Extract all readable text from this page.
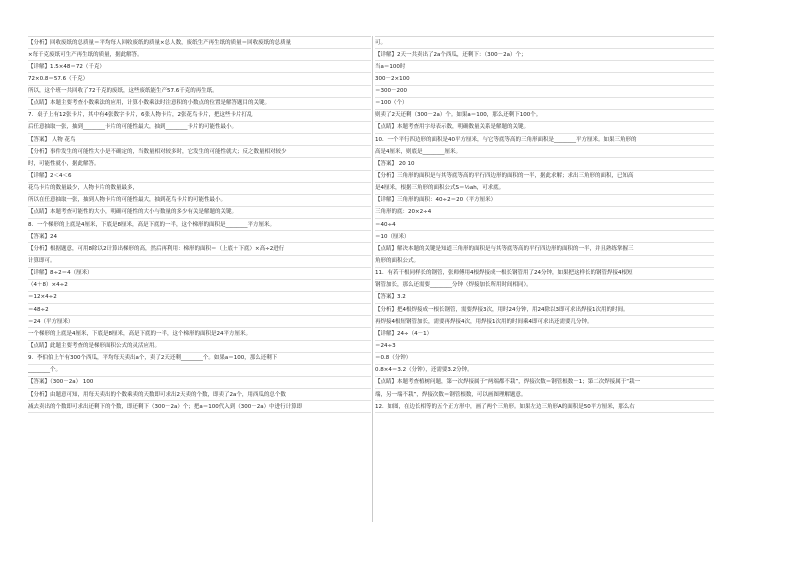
【分析】回收废纸的总质量＝平均每人回收废纸的质量×总人数，废纸生产再生纸的质量＝回收废纸的总质量
×每千克废纸可生产再生纸的质量，据此解答。
【详解】1.5×48＝72（千克）
72×0.8＝57.6（千克）
所以，这个班一共回收了72千克的废纸，这些废纸能生产57.6千克的再生纸。
【点睛】本题主要考查小数乘法的应用，计算小数乘法时注意积的小数点的位置是解答题目的关键。
7．桌子上有12张卡片，其中有4张数字卡片，6张人物卡片，2张花鸟卡片，把这些卡片打乱
后任意抽取一张，抽到________卡片的可能性最大，抽到________卡片的可能性最小。
【答案】 人物 花鸟
【分析】事件发生的可能性大小是不确定的，当数量相对较多时，它发生的可能性就大；反之数量相对较少
时，可能性就小，据此解答。
【详解】2＜4＜6
花鸟卡片的数量最少，人物卡片的数量最多，
所以在任意抽取一张，抽到人物卡片的可能性最大，抽到花鸟卡片的可能性最小。
【点睛】本题考查可能性的大小，明确可能性的大小与数量的多少有关是解题的关键。
8．一个梯形的上底是4厘米，下底是8厘米，高是下底的一半，这个梯形的面积是________平方厘米。
【答案】24
【分析】根据题意，可用8除以2计算出梯形的高，然后再利用：梯形的面积＝（上底＋下底）×高÷2进行
计算即可。
【详解】8÷2＝4（厘米）
（4＋8）×4÷2
＝12×4÷2
＝48÷2
＝24（平方厘米）
一个梯形的上底是4厘米，下底是8厘米，高是下底的一半，这个梯形的面积是24平方厘米。
【点睛】此题主要考查的是梯形面积公式的灵活应用。
9．李伯伯上午有300个西瓜，平均每天卖出a个，卖了2天还剩________个。如果a＝100，那么还剩下
________个。
【答案】（300－2a） 100
【分析】由题意可知，用每天卖出的个数乘卖的天数即可求出2天卖的个数，即卖了2a个，用西瓜的总个数
减去卖出的个数即可求出还剩下的个数，即还剩下（300－2a）个；把a＝100代入到（300－2a）中进行计算即
可。
【详解】2天一共卖出了2a个西瓜，还剩下：（300－2a）个；
当a＝100时
300－2×100
＝300－200
＝100（个）
则卖了2天还剩（300－2a）个。如果a＝100，那么还剩下100个。
【点睛】本题考查用字母表示数，明确数量关系是解题的关键。
10．一个平行四边形的面积是40平方厘米，与它等底等高的三角形面积是________平方厘米。如果三角形的
高是4厘米，则底是________厘米。
【答案】 20 10
【分析】三角形的面积是与其等底等高的平行四边形的面积的一半，据此求解；求出三角形的面积，已知高
是4厘米，根据三角形的面积公式S＝½ah，可求底。
【详解】三角形的面积：40÷2＝20（平方厘米）
三角形的底：20×2÷4
＝40÷4
＝10（厘米）
【点睛】解决本题的关键是知道三角形的面积是与其等底等高的平行四边形的面积的一半，并且熟练掌握三
角形的面积公式。
11．有若干根同样长的钢管，张师傅用4根焊接成一根长钢管用了24分钟，如果把这样长的钢管焊接4根短
钢管加长，那么还需要________分钟（焊接加长所用时间相同）。
【答案】3.2
【分析】把4根焊接成一根长钢管，需要焊接3次，用时24分钟，用24除以3即可求出焊接1次用的时间。
再焊接4根短钢管加长，需要再焊接4次，用焊接1次用的时间乘4即可求出还需要几分钟。
【详解】24÷（4－1）
＝24÷3
＝0.8（分钟）
0.8×4＝3.2（分钟），还需要3.2分钟。
【点睛】本题考查植树问题，第一次焊接属于“两端都不栽”，焊接次数＝钢管根数－1；第二次焊接属于“栽一
端，另一端不栽”，焊接次数＝钢管根数，可以画图理解题意。
12．如图，在边长相等的五个正方形中，画了两个三角形。如果左边三角形A的面积是50平方厘米，那么右
